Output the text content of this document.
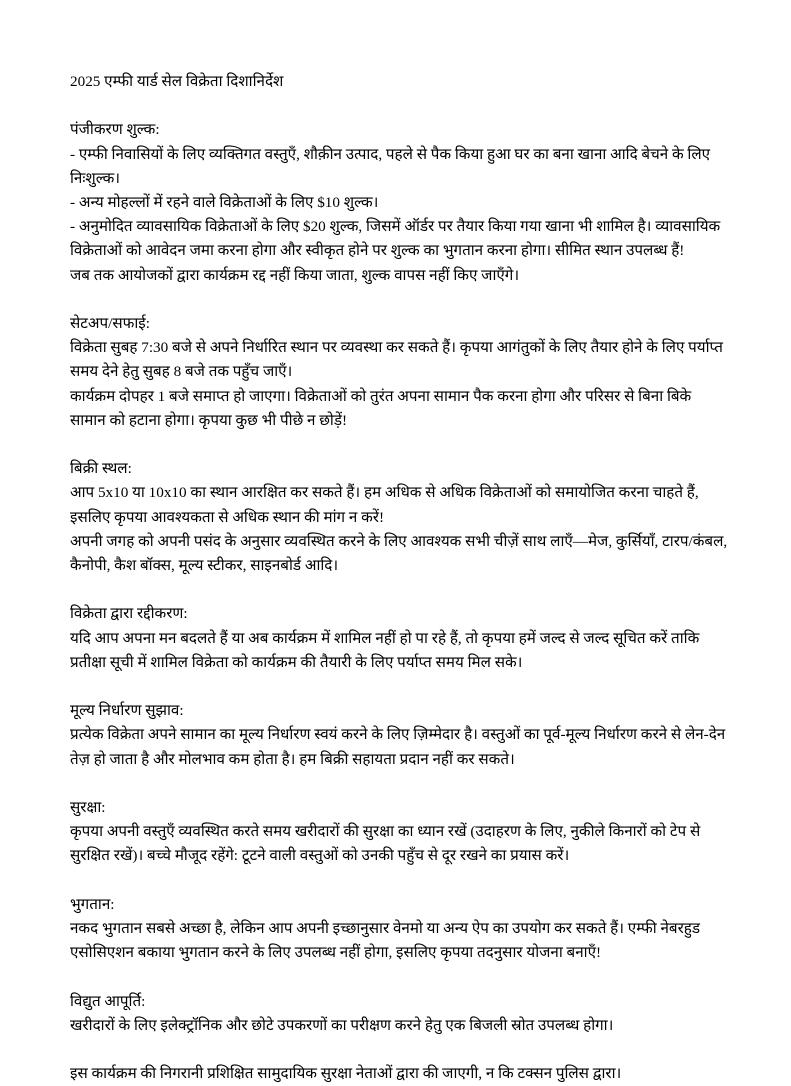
2025 एम्फी यार्ड सेल विक्रेता दिशानिर्देश

पंजीकरण शुल्क:

- एम्फी निवासियों के लिए व्यक्तिगत वस्तुएँ, शौक़ीन उत्पाद, पहले से पैक किया हुआ घर का बना खाना आदि बेचने के लिए निःशुल्क।

- अन्य मोहल्लों में रहने वाले विक्रेताओं के लिए $10 शुल्क।

- अनुमोदित व्यावसायिक विक्रेताओं के लिए $20 शुल्क, जिसमें ऑर्डर पर तैयार किया गया खाना भी शामिल है। व्यावसायिक विक्रेताओं को आवेदन जमा करना होगा और स्वीकृत होने पर शुल्क का भुगतान करना होगा। सीमित स्थान उपलब्ध हैं!

जब तक आयोजकों द्वारा कार्यक्रम रद्द नहीं किया जाता, शुल्क वापस नहीं किए जाएँगे।

सेटअप/सफाई:

विक्रेता सुबह 7:30 बजे से अपने निर्धारित स्थान पर व्यवस्था कर सकते हैं। कृपया आगंतुकों के लिए तैयार होने के लिए पर्याप्त समय देने हेतु सुबह 8 बजे तक पहुँच जाएँ।

कार्यक्रम दोपहर 1 बजे समाप्त हो जाएगा। विक्रेताओं को तुरंत अपना सामान पैक करना होगा और परिसर से बिना बिके सामान को हटाना होगा। कृपया कुछ भी पीछे न छोड़ें!

बिक्री स्थल:

आप 5x10 या 10x10 का स्थान आरक्षित कर सकते हैं। हम अधिक से अधिक विक्रेताओं को समायोजित करना चाहते हैं, इसलिए कृपया आवश्यकता से अधिक स्थान की मांग न करें!

अपनी जगह को अपनी पसंद के अनुसार व्यवस्थित करने के लिए आवश्यक सभी चीज़ें साथ लाएँ—मेज, कुर्सियाँ, टारप/कंबल, कैनोपी, कैश बॉक्स, मूल्य स्टीकर, साइनबोर्ड आदि।

विक्रेता द्वारा रद्दीकरण:

यदि आप अपना मन बदलते हैं या अब कार्यक्रम में शामिल नहीं हो पा रहे हैं, तो कृपया हमें जल्द से जल्द सूचित करें ताकि प्रतीक्षा सूची में शामिल विक्रेता को कार्यक्रम की तैयारी के लिए पर्याप्त समय मिल सके।

मूल्य निर्धारण सुझाव:

प्रत्येक विक्रेता अपने सामान का मूल्य निर्धारण स्वयं करने के लिए ज़िम्मेदार है। वस्तुओं का पूर्व-मूल्य निर्धारण करने से लेन-देन तेज़ हो जाता है और मोलभाव कम होता है। हम बिक्री सहायता प्रदान नहीं कर सकते।

सुरक्षा:

कृपया अपनी वस्तुएँ व्यवस्थित करते समय खरीदारों की सुरक्षा का ध्यान रखें (उदाहरण के लिए, नुकीले किनारों को टेप से सुरक्षित रखें)। बच्चे मौजूद रहेंगे: टूटने वाली वस्तुओं को उनकी पहुँच से दूर रखने का प्रयास करें।

भुगतान:

नकद भुगतान सबसे अच्छा है, लेकिन आप अपनी इच्छानुसार वेनमो या अन्य ऐप का उपयोग कर सकते हैं। एम्फी नेबरहुड एसोसिएशन बकाया भुगतान करने के लिए उपलब्ध नहीं होगा, इसलिए कृपया तदनुसार योजना बनाएँ!

विद्युत आपूर्ति:

खरीदारों के लिए इलेक्ट्रॉनिक और छोटे उपकरणों का परीक्षण करने हेतु एक बिजली स्रोत उपलब्ध होगा।

इस कार्यक्रम की निगरानी प्रशिक्षित सामुदायिक सुरक्षा नेताओं द्वारा की जाएगी, न कि टक्सन पुलिस द्वारा।
